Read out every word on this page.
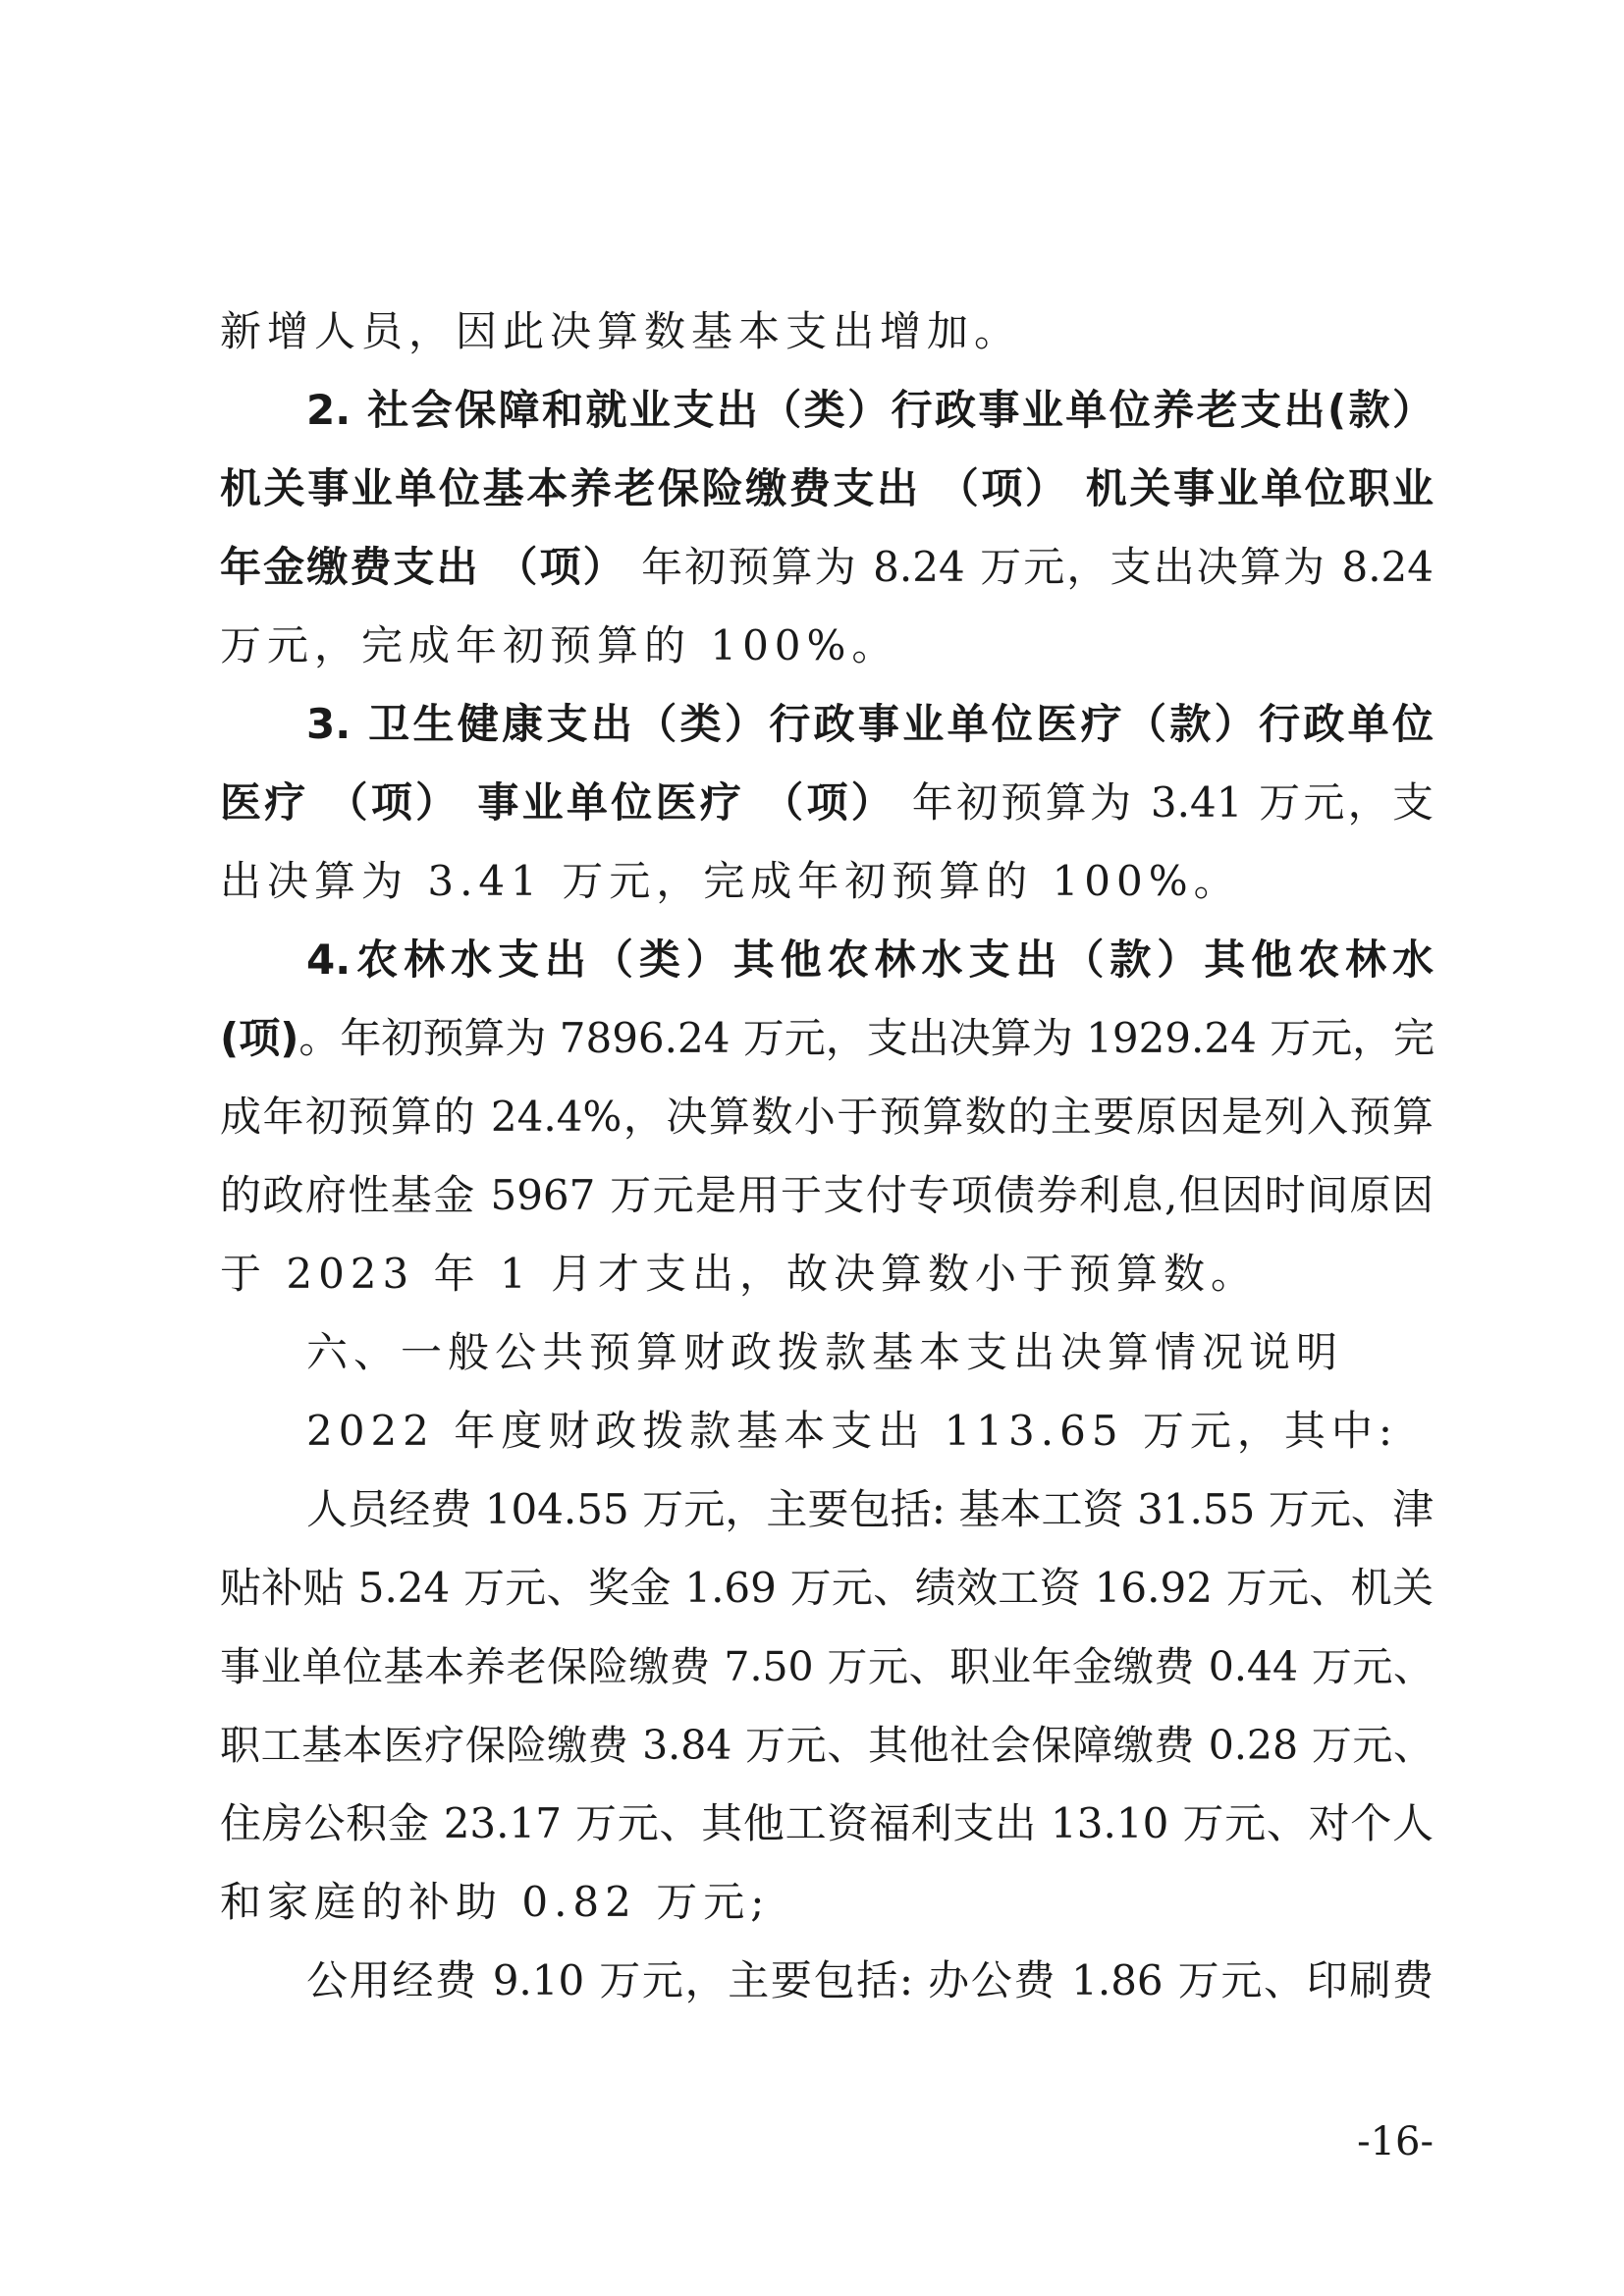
新增人员，因此决算数基本支出增加。
2. 社会保障和就业支出（类）行政事业单位养老支出(款）
机关事业单位基本养老保险缴费支出 （项） 机关事业单位职业
年金缴费支出 （项） 年初预算为 8.24 万元，支出决算为 8.24
万元，完成年初预算的 100%。
3. 卫生健康支出（类）行政事业单位医疗（款）行政单位
医疗 （项） 事业单位医疗 （项） 年初预算为 3.41 万元，支
出决算为 3.41 万元，完成年初预算的 100%。
4.农林水支出（类）其他农林水支出（款）其他农林水
(项)。年初预算为 7896.24 万元，支出决算为 1929.24 万元，完
成年初预算的 24.4%，决算数小于预算数的主要原因是列入预算
的政府性基金 5967 万元是用于支付专项债券利息,但因时间原因
于 2023 年 1 月才支出，故决算数小于预算数。
六、一般公共预算财政拨款基本支出决算情况说明
2022 年度财政拨款基本支出 113.65 万元，其中:
人员经费 104.55 万元，主要包括: 基本工资 31.55 万元、津
贴补贴 5.24 万元、奖金 1.69 万元、绩效工资 16.92 万元、机关
事业单位基本养老保险缴费 7.50 万元、职业年金缴费 0.44 万元、
职工基本医疗保险缴费 3.84 万元、其他社会保障缴费 0.28 万元、
住房公积金 23.17 万元、其他工资福利支出 13.10 万元、对个人
和家庭的补助 0.82 万元;
公用经费 9.10 万元，主要包括: 办公费 1.86 万元、印刷费
-16-
